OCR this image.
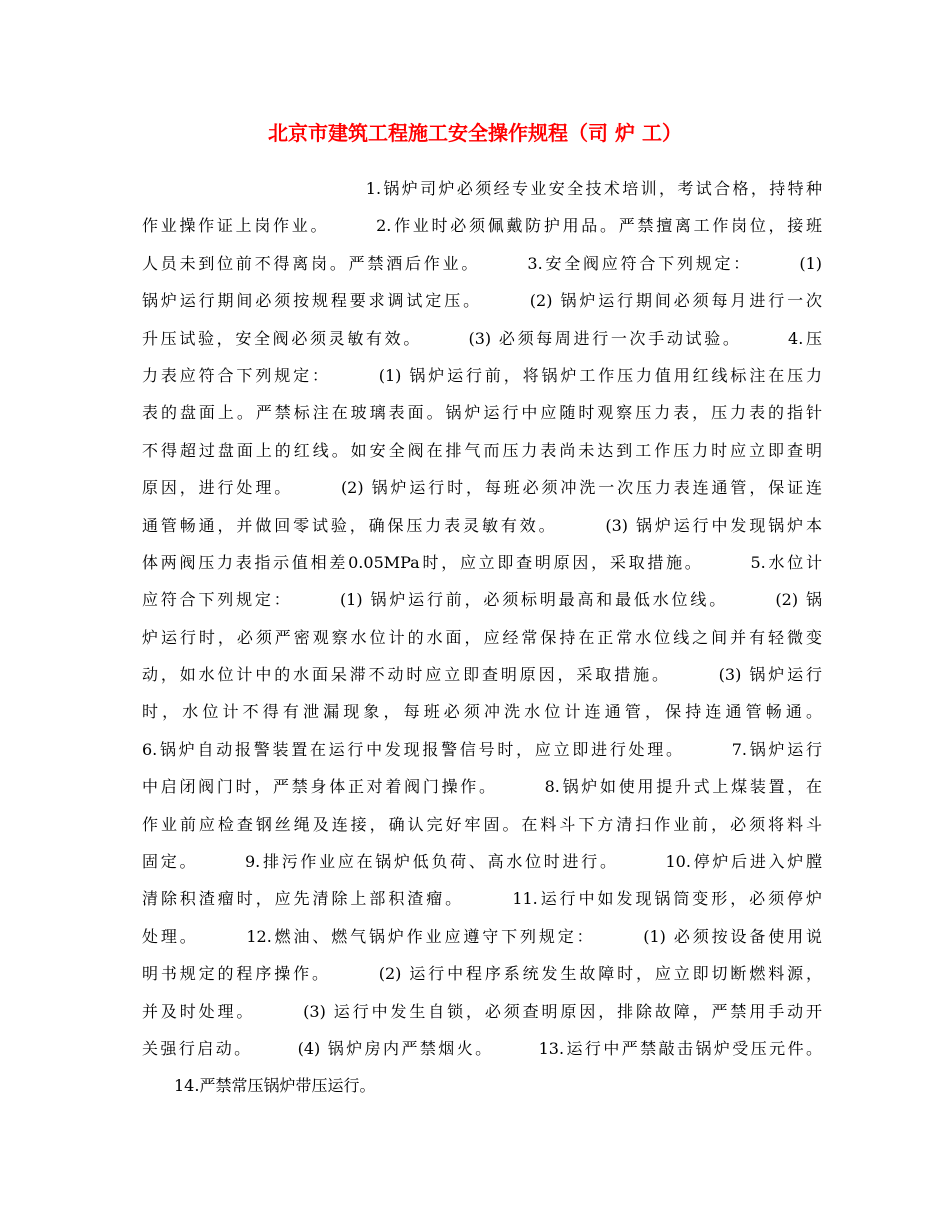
北京市建筑工程施工安全操作规程（司 炉 工）
1.锅炉司炉必须经专业安全技术培训，考试合格，持特种
作业操作证上岗作业。      2.作业时必须佩戴防护用品。严禁擅离工作岗位，接班
人员未到位前不得离岗。严禁酒后作业。      3.安全阀应符合下列规定：      (1)
锅炉运行期间必须按规程要求调试定压。      (2) 锅炉运行期间必须每月进行一次
升压试验，安全阀必须灵敏有效。      (3) 必须每周进行一次手动试验。      4.压
力表应符合下列规定：      (1) 锅炉运行前，将锅炉工作压力值用红线标注在压力
表的盘面上。严禁标注在玻璃表面。锅炉运行中应随时观察压力表，压力表的指针
不得超过盘面上的红线。如安全阀在排气而压力表尚未达到工作压力时应立即查明
原因，进行处理。      (2) 锅炉运行时，每班必须冲洗一次压力表连通管，保证连
通管畅通，并做回零试验，确保压力表灵敏有效。      (3) 锅炉运行中发现锅炉本
体两阀压力表指示值相差0.05MPa时，应立即查明原因，采取措施。      5.水位计
应符合下列规定：      (1) 锅炉运行前，必须标明最高和最低水位线。      (2) 锅
炉运行时，必须严密观察水位计的水面，应经常保持在正常水位线之间并有轻微变
动，如水位计中的水面呆滞不动时应立即查明原因，采取措施。      (3) 锅炉运行
时，水位计不得有泄漏现象，每班必须冲洗水位计连通管，保持连通管畅通。
6.锅炉自动报警装置在运行中发现报警信号时，应立即进行处理。      7.锅炉运行
中启闭阀门时，严禁身体正对着阀门操作。      8.锅炉如使用提升式上煤装置，在
作业前应检查钢丝绳及连接，确认完好牢固。在料斗下方清扫作业前，必须将料斗
固定。      9.排污作业应在锅炉低负荷、高水位时进行。      10.停炉后进入炉膛
清除积渣瘤时，应先清除上部积渣瘤。      11.运行中如发现锅筒变形，必须停炉
处理。      12.燃油、燃气锅炉作业应遵守下列规定：      (1) 必须按设备使用说
明书规定的程序操作。      (2) 运行中程序系统发生故障时，应立即切断燃料源，
并及时处理。      (3) 运行中发生自锁，必须查明原因，排除故障，严禁用手动开
关强行启动。      (4) 锅炉房内严禁烟火。      13.运行中严禁敲击锅炉受压元件。
14.严禁常压锅炉带压运行。
